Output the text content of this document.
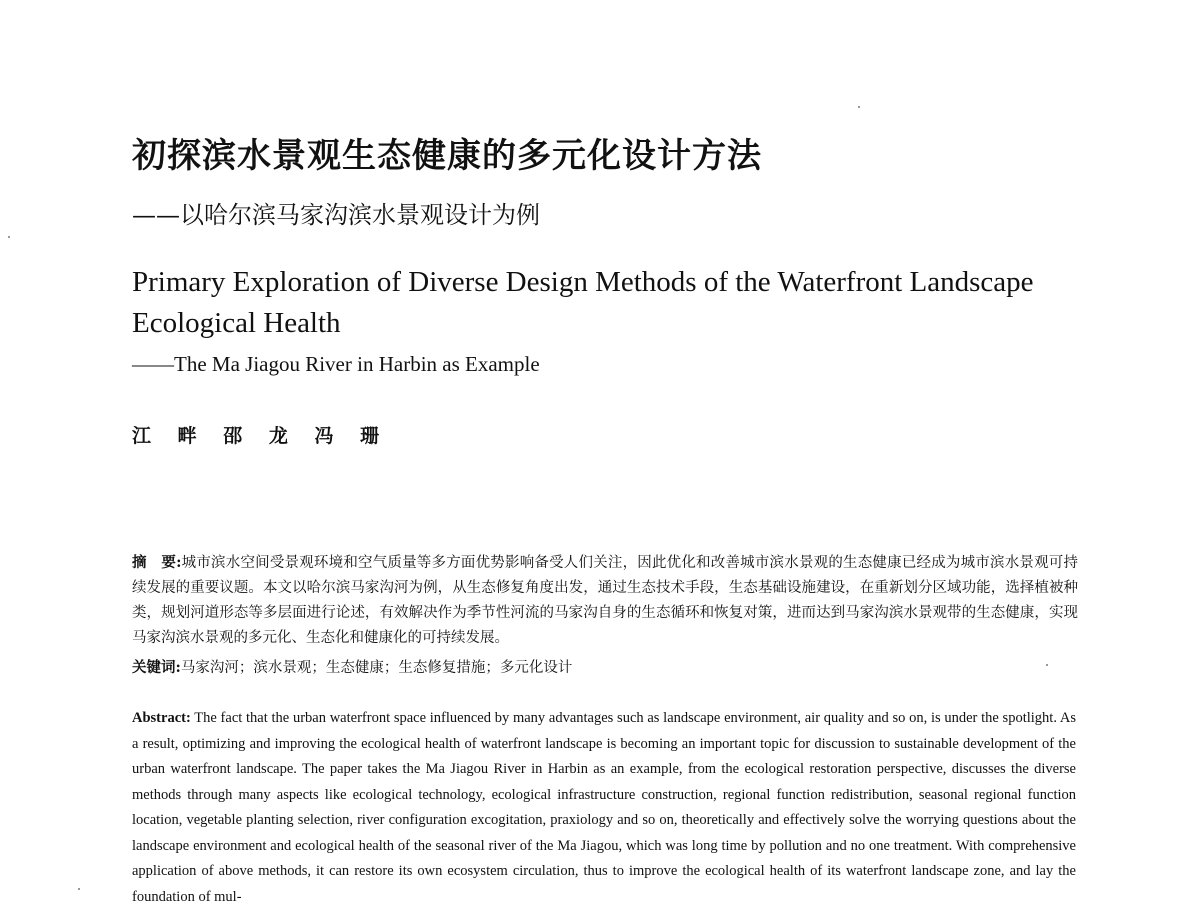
初探滨水景观生态健康的多元化设计方法
——以哈尔滨马家沟滨水景观设计为例
Primary Exploration of Diverse Design Methods of the Waterfront Landscape Ecological Health
——The Ma Jiagou River in Harbin as Example
江 畔 邵 龙 冯 珊
摘　要:城市滨水空间受景观环境和空气质量等多方面优势影响备受人们关注，因此优化和改善城市滨水景观的生态健康已经成为城市滨水景观可持续发展的重要议题。本文以哈尔滨马家沟河为例，从生态修复角度出发，通过生态技术手段，生态基础设施建设，在重新划分区域功能，选择植被种类，规划河道形态等多层面进行论述，有效解决作为季节性河流的马家沟自身的生态循环和恢复对策，进而达到马家沟滨水景观带的生态健康，实现马家沟滨水景观的多元化、生态化和健康化的可持续发展。
关键词:马家沟河；滨水景观；生态健康；生态修复措施；多元化设计
Abstract: The fact that the urban waterfront space influenced by many advantages such as landscape environment, air quality and so on, is under the spotlight. As a result, optimizing and improving the ecological health of waterfront landscape is becoming an important topic for discussion to sustainable development of the urban waterfront landscape. The paper takes the Ma Jiagou River in Harbin as an example, from the ecological restoration perspective, discusses the diverse methods through many aspects like ecological technology, ecological infrastructure construction, regional function redistribution, seasonal regional function location, vegetable planting selection, river configuration excogitation, praxiology and so on, theoretically and effectively solve the worrying questions about the landscape environment and ecological health of the seasonal river of the Ma Jiagou, which was long time by pollution and no one treatment. With comprehensive application of above methods, it can restore its own ecosystem circulation, thus to improve the ecological health of its waterfront landscape zone, and lay the foundation of mul-
